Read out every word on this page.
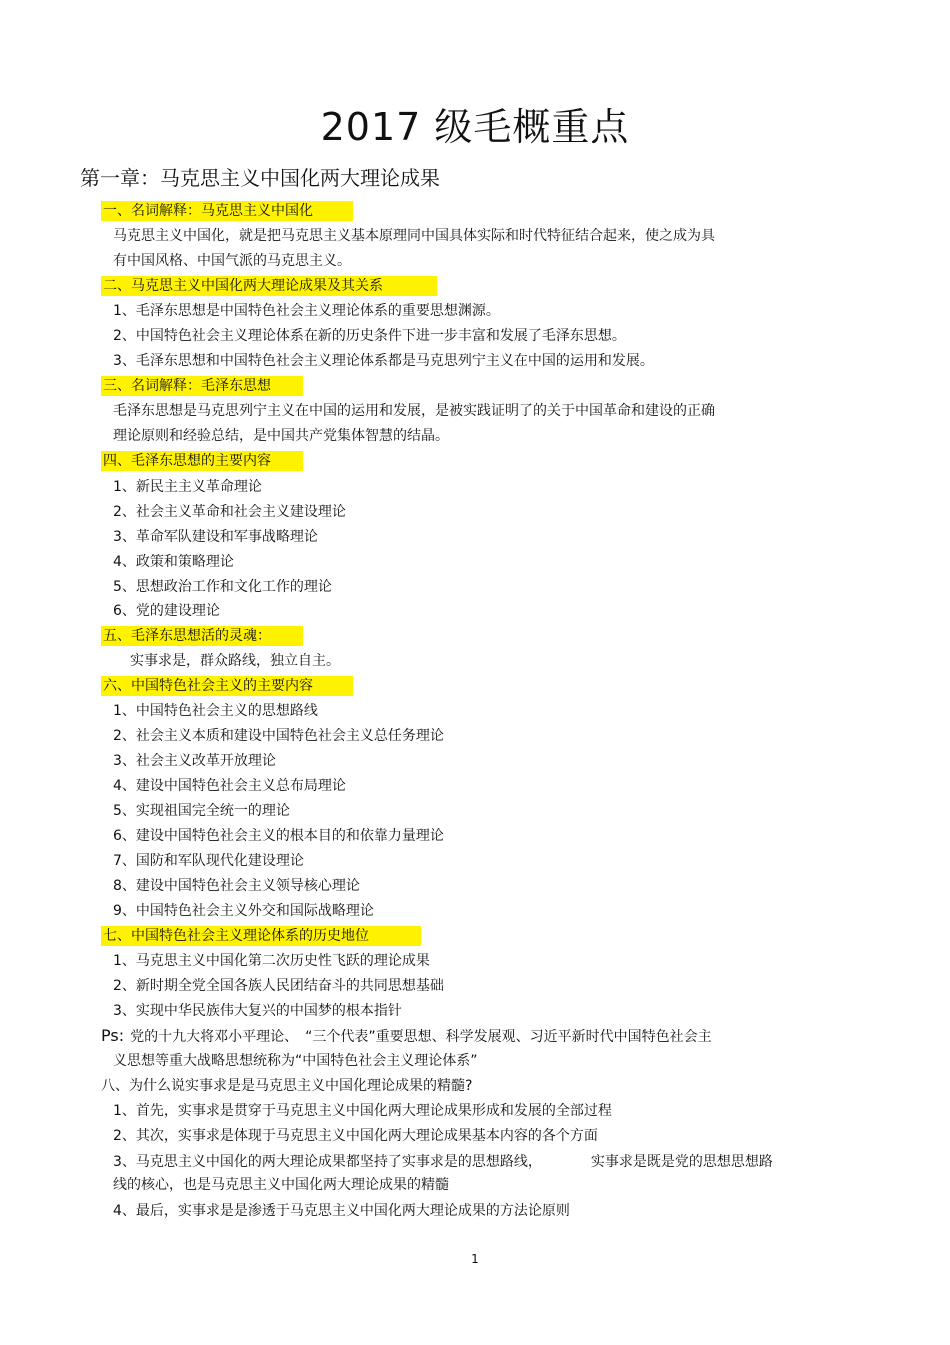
2017 级毛概重点
第一章：马克思主义中国化两大理论成果
一、名词解释：马克思主义中国化
马克思主义中国化，就是把马克思主义基本原理同中国具体实际和时代特征结合起来，使之成为具
有中国风格、中国气派的马克思主义。
二、马克思主义中国化两大理论成果及其关系
1、毛泽东思想是中国特色社会主义理论体系的重要思想渊源。
2、中国特色社会主义理论体系在新的历史条件下进一步丰富和发展了毛泽东思想。
3、毛泽东思想和中国特色社会主义理论体系都是马克思列宁主义在中国的运用和发展。
三、名词解释：毛泽东思想
毛泽东思想是马克思列宁主义在中国的运用和发展，是被实践证明了的关于中国革命和建设的正确
理论原则和经验总结，是中国共产党集体智慧的结晶。
四、毛泽东思想的主要内容
1、新民主主义革命理论
2、社会主义革命和社会主义建设理论
3、革命军队建设和军事战略理论
4、政策和策略理论
5、思想政治工作和文化工作的理论
6、党的建设理论
五、毛泽东思想活的灵魂：
实事求是，群众路线，独立自主。
六、中国特色社会主义的主要内容
1、中国特色社会主义的思想路线
2、社会主义本质和建设中国特色社会主义总任务理论
3、社会主义改革开放理论
4、建设中国特色社会主义总布局理论
5、实现祖国完全统一的理论
6、建设中国特色社会主义的根本目的和依靠力量理论
7、国防和军队现代化建设理论
8、建设中国特色社会主义领导核心理论
9、中国特色社会主义外交和国际战略理论
七、中国特色社会主义理论体系的历史地位
1、马克思主义中国化第二次历史性飞跃的理论成果
2、新时期全党全国各族人民团结奋斗的共同思想基础
3、实现中华民族伟大复兴的中国梦的根本指针
Ps: 党的十九大将邓小平理论、　“三个代表”重要思想、科学发展观、习近平新时代中国特色社会主
义思想等重大战略思想统称为“中国特色社会主义理论体系”
八、为什么说实事求是是马克思主义中国化理论成果的精髓?
1、首先，实事求是贯穿于马克思主义中国化两大理论成果形成和发展的全部过程
2、其次，实事求是体现于马克思主义中国化两大理论成果基本内容的各个方面
3、马克思主义中国化的两大理论成果都坚持了实事求是的思想路线，　　　　实事求是既是党的思想思想路
线的核心，也是马克思主义中国化两大理论成果的精髓
4、最后，实事求是是渗透于马克思主义中国化两大理论成果的方法论原则
1
